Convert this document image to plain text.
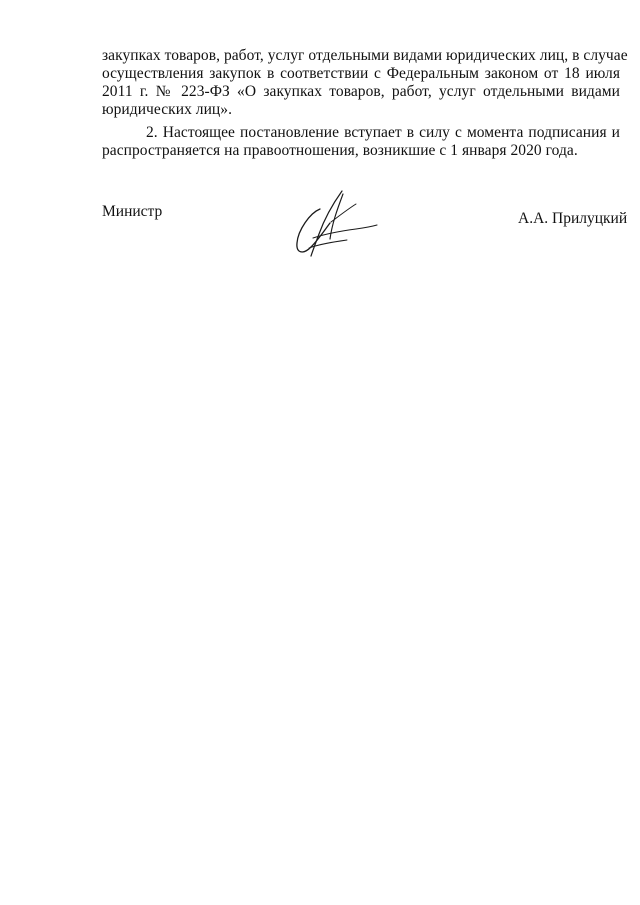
закупках товаров, работ, услуг отдельными видами юридических лиц, в случае
осуществления закупок в соответствии с Федеральным законом от 18 июля
2011 г. № 223-ФЗ «О закупках товаров, работ, услуг отдельными видами
юридических лиц».
2. Настоящее постановление вступает в силу с момента подписания и
распространяется на правоотношения, возникшие с 1 января 2020 года.
Министр	А.А. Прилуцкий
